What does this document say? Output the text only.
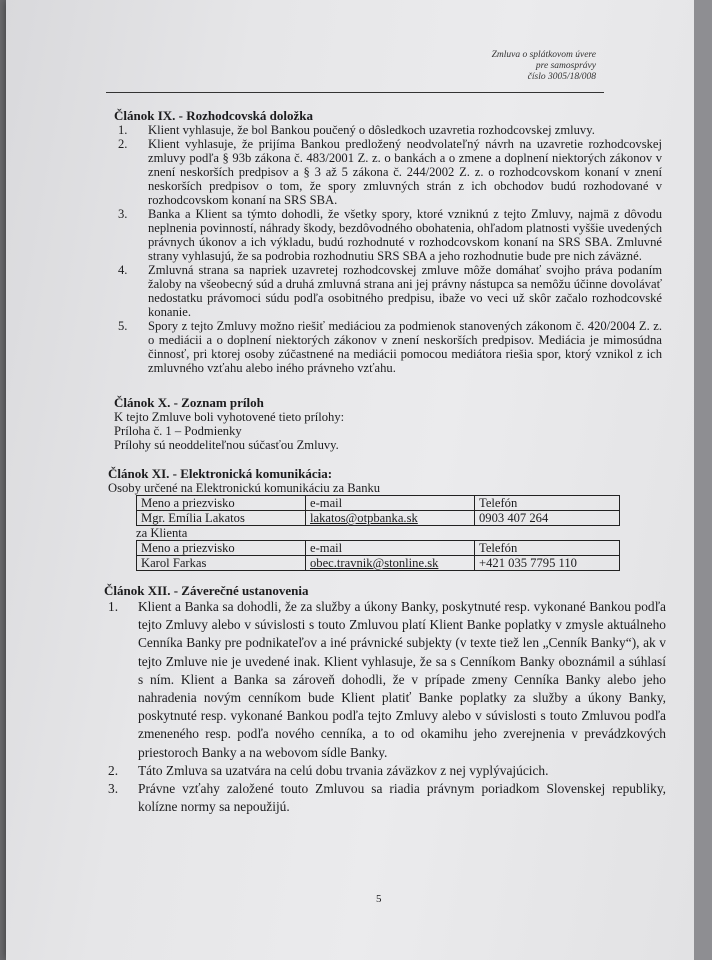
Zmluva o splátkovom úvere
pre samosprávy
číslo 3005/18/008
Článok IX. - Rozhodcovská doložka
1. Klient vyhlasuje, že bol Bankou poučený o dôsledkoch uzavretia rozhodcovskej zmluvy.
2. Klient vyhlasuje, že prijíma Bankou predložený neodvolateľný návrh na uzavretie rozhodcovskej zmluvy podľa § 93b zákona č. 483/2001 Z. z. o bankách a o zmene a doplnení niektorých zákonov v znení neskorších predpisov a § 3 až 5 zákona č. 244/2002 Z. z. o rozhodcovskom konaní v znení neskorších predpisov o tom, že spory zmluvných strán z ich obchodov budú rozhodované v rozhodcovskom konaní na SRS SBA.
3. Banka a Klient sa týmto dohodli, že všetky spory, ktoré vzniknú z tejto Zmluvy, najmä z dôvodu neplnenia povinností, náhrady škody, bezdôvodného obohatenia, ohľadom platnosti vyššie uvedených právnych úkonov a ich výkladu, budú rozhodnuté v rozhodcovskom konaní na SRS SBA. Zmluvné strany vyhlasujú, že sa podrobia rozhodnutiu SRS SBA a jeho rozhodnutie bude pre nich záväzné.
4. Zmluvná strana sa napriek uzavretej rozhodcovskej zmluve môže domáhať svojho práva podaním žaloby na všeobecný súd a druhá zmluvná strana ani jej právny nástupca sa nemôžu účinne dovolávať nedostatku právomoci súdu podľa osobitného predpisu, ibaže vo veci už skôr začalo rozhodcovské konanie.
5. Spory z tejto Zmluvy možno riešiť mediáciou za podmienok stanovených zákonom č. 420/2004 Z. z. o mediácii a o doplnení niektorých zákonov v znení neskorších predpisov. Mediácia je mimosúdna činnosť, pri ktorej osoby zúčastnené na mediácii pomocou mediátora riešia spor, ktorý vznikol z ich zmluvného vzťahu alebo iného právneho vzťahu.
Článok X. - Zoznam príloh

K tejto Zmluve boli vyhotovené tieto prílohy:

Príloha č. 1 – Podmienky

Prílohy sú neoddeliteľnou súčasťou Zmluvy.

Článok XI. - Elektronická komunikácia:

Osoby určené na Elektronickú komunikáciu za Banku

Meno a priezvisko	e-mail	Telefón
Mgr. Emília Lakatos	lakatos@otpbanka.sk	0903 407 264

za Klienta

Meno a priezvisko	e-mail	Telefón
Karol Farkas	obec.travnik@stonline.sk	+421 035 7795 110
Článok XII. - Záverečné ustanovenia
1. Klient a Banka sa dohodli, že za služby a úkony Banky, poskytnuté resp. vykonané Bankou podľa tejto Zmluvy alebo v súvislosti s touto Zmluvou platí Klient Banke poplatky v zmysle aktuálneho Cenníka Banky pre podnikateľov a iné právnické subjekty (v texte tiež len „Cenník Banky“), ak v tejto Zmluve nie je uvedené inak. Klient vyhlasuje, že sa s Cenníkom Banky oboznámil a súhlasí s ním. Klient a Banka sa zároveň dohodli, že v prípade zmeny Cenníka Banky alebo jeho nahradenia novým cenníkom bude Klient platiť Banke poplatky za služby a úkony Banky, poskytnuté resp. vykonané Bankou podľa tejto Zmluvy alebo v súvislosti s touto Zmluvou podľa zmeneného resp. podľa nového cenníka, a to od okamihu jeho zverejnenia v prevádzkových priestoroch Banky a na webovom sídle Banky.
2. Táto Zmluva sa uzatvára na celú dobu trvania záväzkov z nej vyplývajúcich.
3. Právne vzťahy založené touto Zmluvou sa riadia právnym poriadkom Slovenskej republiky, kolízne normy sa nepoužijú.
5
